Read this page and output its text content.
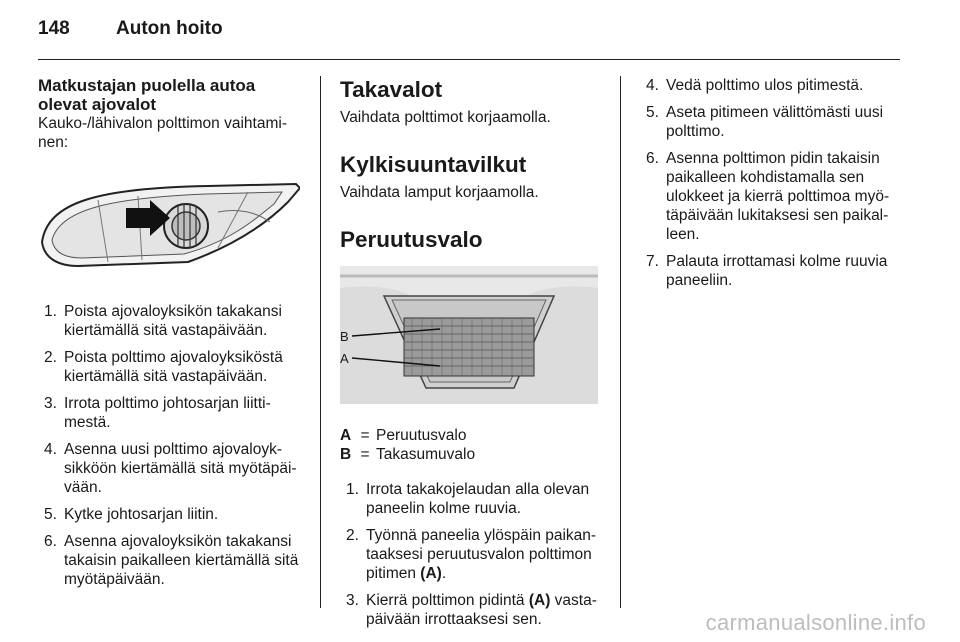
148 Auton hoito
Matkustajan puolella autoa olevat ajovalot

Kauko-/lähivalon polttimon vaihtami-nen:

1. Poista ajovaloyksikön takakansi kiertämällä sitä vastapäivään.
2. Poista polttimo ajovaloyksiköstä kiertämällä sitä vastapäivään.
3. Irrota polttimo johtosarjan liitti-mestä.
4. Asenna uusi polttimo ajovaloyk-sikköön kiertämällä sitä myötäpäi-vään.
5. Kytke johtosarjan liitin.
6. Asenna ajovaloyksikön takakansi takaisin paikalleen kiertämällä sitä myötäpäivään.
Takavalot

Vaihdata polttimot korjaamolla.

Kylkisuuntavilkut

Vaihdata lamput korjaamolla.

Peruutusvalo
B
A
A = Peruutusvalo
B = Takasumuvalo
1. Irrota takakojelaudan alla olevan paneelin kolme ruuvia.
2. Työnnä paneelia ylöspäin paikan-taaksesi peruutusvalon polttimon pitimen (A).
3. Kierrä polttimon pidintä (A) vasta-päivään irrottaaksesi sen.
4. Vedä polttimo ulos pitimestä.
5. Aseta pitimeen välittömästi uusi polttimo.
6. Asenna polttimon pidin takaisin paikalleen kohdistamalla sen ulokkeet ja kierrä polttimoa myö-täpäivään lukitaksesi sen paikal-leen.
7. Palauta irrottamasi kolme ruuvia paneeliin.
carmanualsonline.info
